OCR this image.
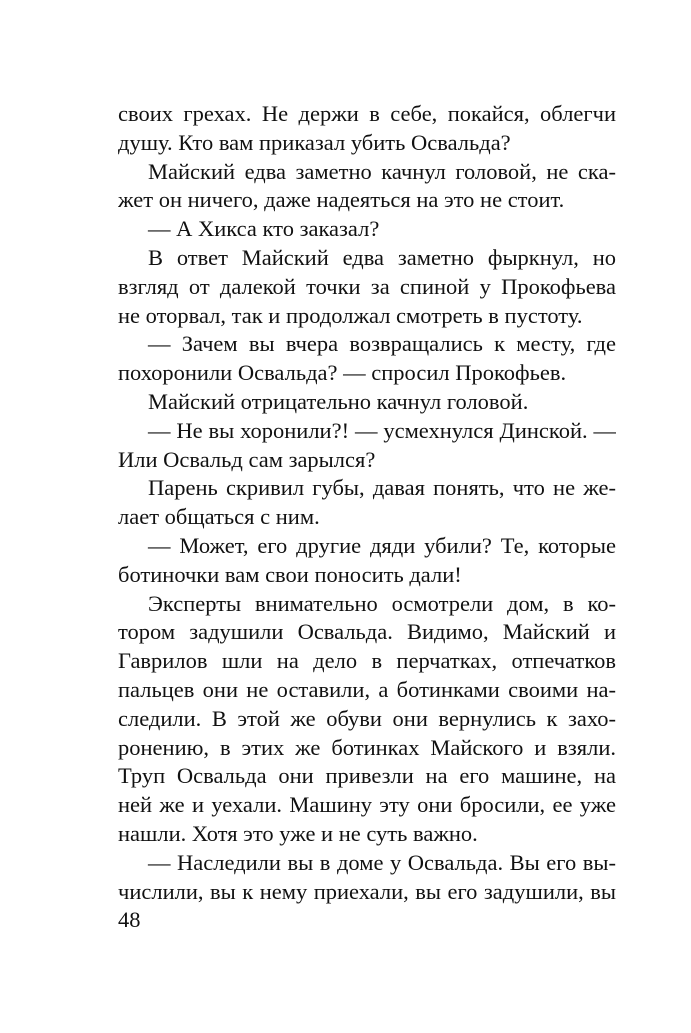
своих грехах. Не держи в себе, покайся, облегчи
душу. Кто вам приказал убить Освальда?
Майский едва заметно качнул головой, не ска-
жет он ничего, даже надеяться на это не стоит.
— А Хикса кто заказал?
В ответ Майский едва заметно фыркнул, но
взгляд от далекой точки за спиной у Прокофьева
не оторвал, так и продолжал смотреть в пустоту.
— Зачем вы вчера возвращались к месту, где
похоронили Освальда? — спросил Прокофьев.
Майский отрицательно качнул головой.
— Не вы хоронили?! — усмехнулся Динской. —
Или Освальд сам зарылся?
Парень скривил губы, давая понять, что не же-
лает общаться с ним.
— Может, его другие дяди убили? Те, которые
ботиночки вам свои поносить дали!
Эксперты внимательно осмотрели дом, в ко-
тором задушили Освальда. Видимо, Майский и
Гаврилов шли на дело в перчатках, отпечатков
пальцев они не оставили, а ботинками своими на-
следили. В этой же обуви они вернулись к захо-
ронению, в этих же ботинках Майского и взяли.
Труп Освальда они привезли на его машине, на
ней же и уехали. Машину эту они бросили, ее уже
нашли. Хотя это уже и не суть важно.
— Наследили вы в доме у Освальда. Вы его вы-
числили, вы к нему приехали, вы его задушили, вы
48
